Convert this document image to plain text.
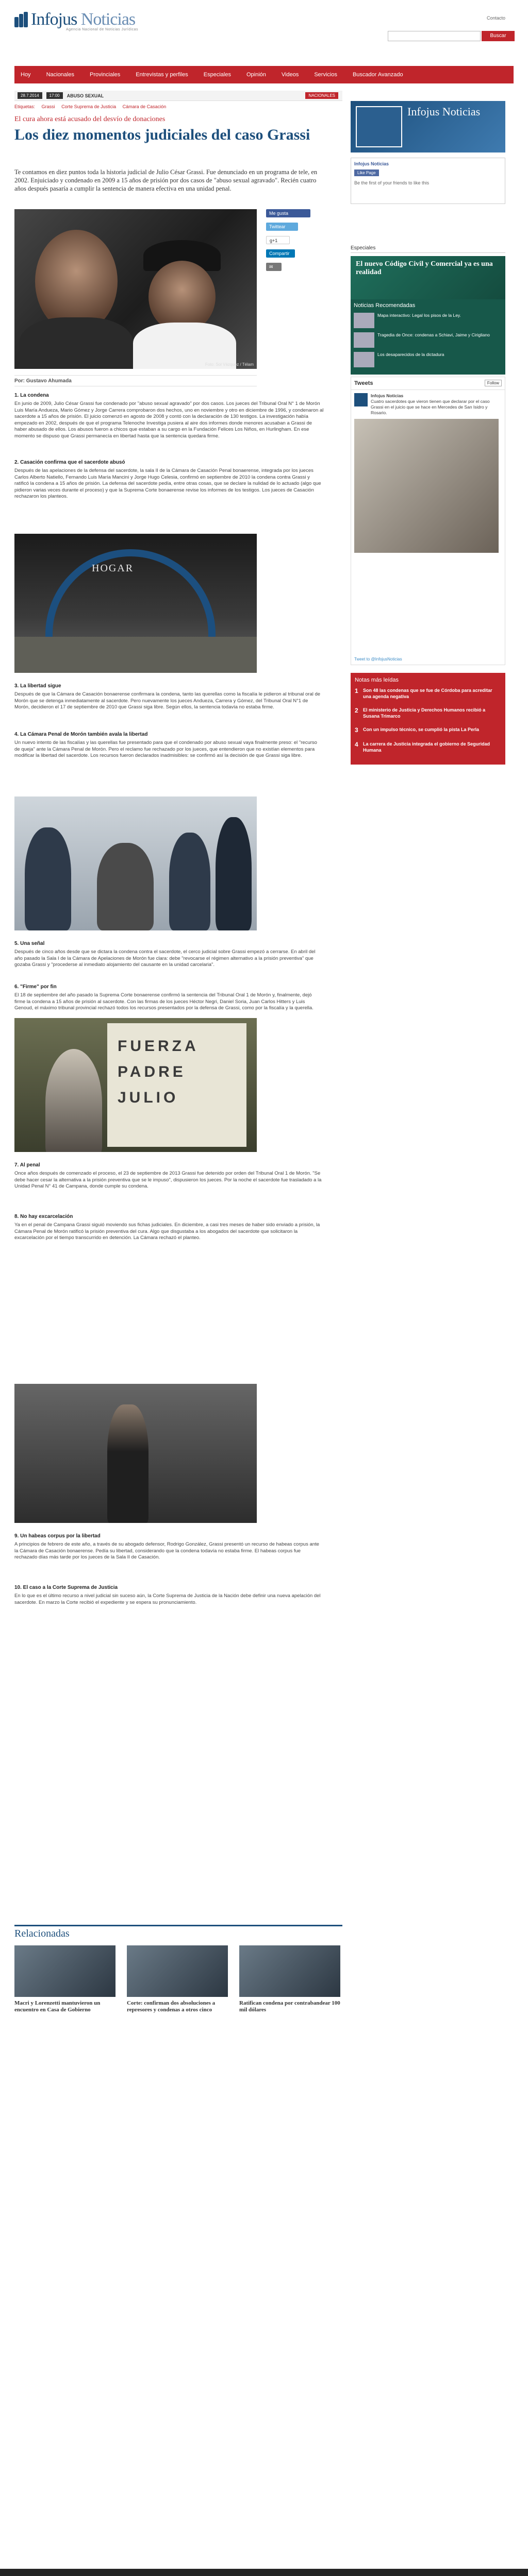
Infojus Noticias
Agencia Nacional de Noticias Jurídicas
Contacto
Buscar
Hoy	Nacionales	Provinciales	Entrevistas y perfiles	Especiales	Opinión	Videos	Servicios	Buscador Avanzado
28.7.2014	17:00	ABUSO SEXUAL	NACIONALES
Etiquetas: Grassi Corte Suprema de Justicia Cámara de Casación
El cura ahora está acusado del desvío de donaciones
Los diez momentos judiciales del caso Grassi

Te contamos en diez puntos toda la historia judicial de Julio César Grassi. Fue denunciado en un programa de tele, en 2002. Enjuiciado y condenado en 2009 a 15 años de prisión por dos casos de "abuso sexual agravado". Recién cuatro años después pasaría a cumplir la sentencia de manera efectiva en una unidad penal.

Foto: Sol Vázquez / Télam
Me gusta
Twittear
g+1
Compartir
✉
Por: Gustavo Ahumada
1. La condena

En junio de 2009, Julio César Grassi fue condenado por "abuso sexual agravado" por dos casos. Los jueces del Tribunal Oral N° 1 de Morón Luis María Andueza, Mario Gómez y Jorge Carrera comprobaron dos hechos, uno en noviembre y otro en diciembre de 1996, y condenaron al sacerdote a 15 años de prisión. El juicio comenzó en agosto de 2008 y contó con la declaración de 130 testigos. La investigación había empezado en 2002, después de que el programa Telenoche Investiga pusiera al aire dos informes donde menores acusaban a Grassi de haber abusado de ellos. Los abusos fueron a chicos que estaban a su cargo en la Fundación Felices Los Niños, en Hurlingham. En ese momento se dispuso que Grassi permanecía en libertad hasta que la sentencia quedara firme.

2. Casación confirma que el sacerdote abusó

Después de las apelaciones de la defensa del sacerdote, la sala II de la Cámara de Casación Penal bonaerense, integrada por los jueces Carlos Alberto Natiello, Fernando Luis María Mancini y Jorge Hugo Celesia, confirmó en septiembre de 2010 la condena contra Grassi y ratificó la condena a 15 años de prisión. La defensa del sacerdote pedía, entre otras cosas, que se declare la nulidad de lo actuado (algo que pidieron varias veces durante el proceso) y que la Suprema Corte bonaerense revise los informes de los testigos. Los jueces de Casación rechazaron los planteos.

HOGAR
3. La libertad sigue

Después de que la Cámara de Casación bonaerense confirmara la condena, tanto las querellas como la fiscalía le pidieron al tribunal oral de Morón que se detenga inmediatamente al sacerdote. Pero nuevamente los jueces Andueza, Carrera y Gómez, del Tribunal Oral N°1 de Morón, decidieron el 17 de septiembre de 2010 que Grassi siga libre. Según ellos, la sentencia todavía no estaba firme.

4. La Cámara Penal de Morón también avala la libertad

Un nuevo intento de las fiscalías y las querellas fue presentado para que el condenado por abuso sexual vaya finalmente preso: el "recurso de queja" ante la Cámara Penal de Morón. Pero el reclamo fue rechazado por los jueces, que entendieron que no existían elementos para modificar la libertad del sacerdote. Los recursos fueron declarados inadmisibles: se confirmó así la decisión de que Grassi siga libre.

5. Una señal

Después de cinco años desde que se dictara la condena contra el sacerdote, el cerco judicial sobre Grassi empezó a cerrarse. En abril del año pasado la Sala I de la Cámara de Apelaciones de Morón fue clara: debe "revocarse el régimen alternativo a la prisión preventiva" que gozaba Grassi y "procederse al inmediato alojamiento del causante en la unidad carcelaria".

6. "Firme" por fin

El 18 de septiembre del año pasado la Suprema Corte bonaerense confirmó la sentencia del Tribunal Oral 1 de Morón y, finalmente, dejó firme la condena a 15 años de prisión al sacerdote. Con las firmas de los jueces Héctor Negri, Daniel Soria, Juan Carlos Hitters y Luis Genoud, el máximo tribunal provincial rechazó todos los recursos presentados por la defensa de Grassi, como por la fiscalía y la querella.

FUERZA
PADRE
JULIO
7. Al penal

Once años después de comenzado el proceso, el 23 de septiembre de 2013 Grassi fue detenido por orden del Tribunal Oral 1 de Morón. "Se debe hacer cesar la alternativa a la prisión preventiva que se le impuso", dispusieron los jueces. Por la noche el sacerdote fue trasladado a la Unidad Penal N° 41 de Campana, donde cumple su condena.

8. No hay excarcelación

Ya en el penal de Campana Grassi siguió moviendo sus fichas judiciales. En diciembre, a casi tres meses de haber sido enviado a prisión, la Cámara Penal de Morón ratificó la prisión preventiva del cura. Algo que disgustaba a los abogados del sacerdote que solicitaron la excarcelación por el tiempo transcurrido en detención. La Cámara rechazó el planteo.

9. Un habeas corpus por la libertad

A principios de febrero de este año, a través de su abogado defensor, Rodrigo González, Grassi presentó un recurso de habeas corpus ante la Cámara de Casación bonaerense. Pedía su libertad, considerando que la condena todavía no estaba firme. El habeas corpus fue rechazado días más tarde por los jueces de la Sala II de Casación.

10. El caso a la Corte Suprema de Justicia

En lo que es el último recurso a nivel judicial sin suceso aún, la Corte Suprema de Justicia de la Nación debe definir una nueva apelación del sacerdote. En marzo la Corte recibió el expediente y se espera su pronunciamiento.

Relacionadas
Macri y Lorenzetti mantuvieron un encuentro en Casa de Gobierno
Corte: confirman dos absoluciones a represores y condenas a otros cinco
Ratifican condena por contrabandear 100 mil dólares
Infojus Noticias
Infojus Noticias
Like Page
Be the first of your friends to like this
Especiales
El nuevo Código Civil y Comercial ya es una realidad
Noticias Recomendadas
Mapa interactivo: Legal los pisos de la Ley.
Tragedia de Once: condenas a Schiavi, Jaime y Cirigliano
Los desaparecidos de la dictadura
Tweets	Follow
Infojus Noticias
Cuatro sacerdotes que vieron tienen que declarar por el caso Grassi en el juicio que se hace en Mercedes de San Isidro y Rosario.
Tweet to @InfojusNoticias
Notas más leídas
1	Son 48 las condenas que se fue de Córdoba para acreditar una agenda negativa
2	El ministerio de Justicia y Derechos Humanos recibió a Susana Trimarco
3	Con un impulso técnico, se cumplió la pista La Perla
4	La carrera de Justicia integrada el gobierno de Seguridad Humana
